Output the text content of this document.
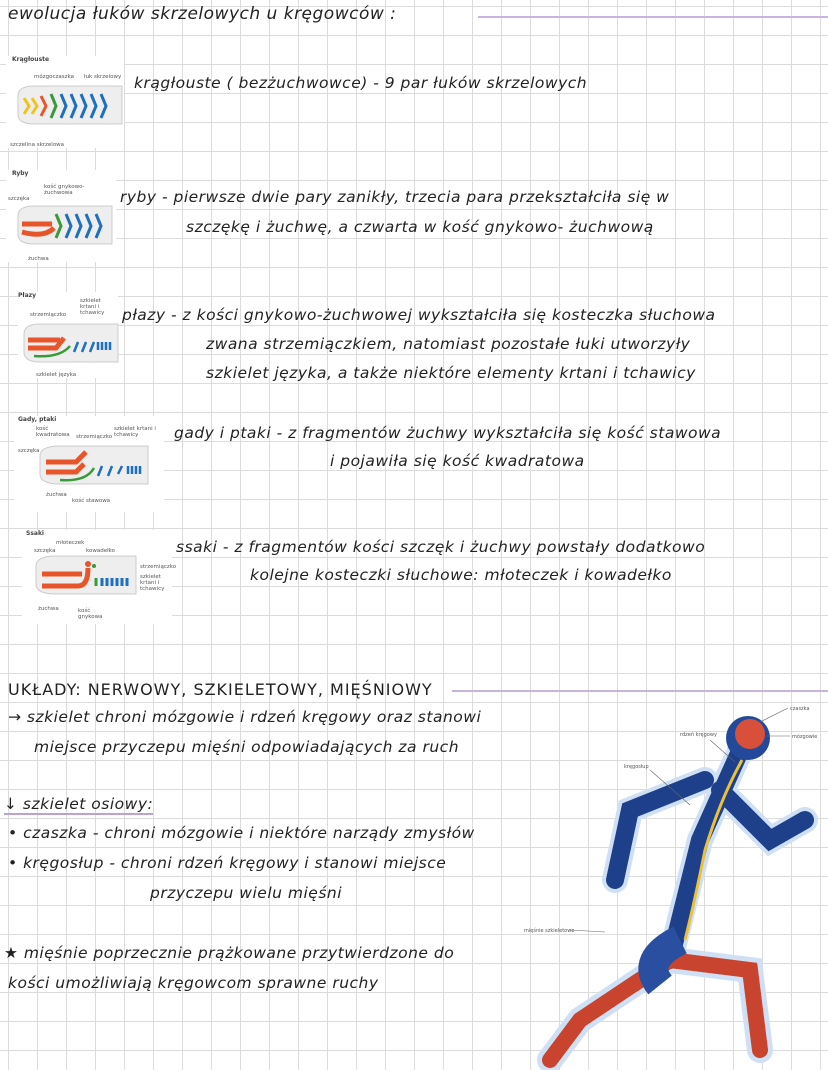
ewolucja łuków skrzelowych u kręgowców :
Krągłouste
mózgoczaszka łuk skrzelowy
szczelina skrzelowa
Ryby
kość gnykowo-żuchwowa
szczęka
żuchwa
Płazy
strzemiączko
szkielet krtani i tchawicy
szkielet języka
Gady, ptaki
kość kwadratowa strzemiączko
szkielet krtani i tchawicy
szczęka
żuchwa
kość stawowa
Ssaki
młoteczek
szczęka	kowadełko
strzemiączko
szkielet krtani i tchawicy
żuchwa	kość gnykowa
krągłouste ( bezżuchwowce) - 9 par łuków skrzelowych
ryby - pierwsze dwie pary zanikły, trzecia para przekształciła się w
szczękę i żuchwę, a czwarta w kość gnykowo- żuchwową
płazy - z kości gnykowo-żuchwowej wykształciła się kosteczka słuchowa
zwana strzemiączkiem, natomiast pozostałe łuki utworzyły
szkielet języka, a także niektóre elementy krtani i tchawicy
gady i ptaki - z fragmentów żuchwy wykształciła się kość stawowa
i pojawiła się kość kwadratowa
ssaki - z fragmentów kości szczęk i żuchwy powstały dodatkowo
kolejne kosteczki słuchowe: młoteczek i kowadełko
UKŁADY: NERWOWY, SZKIELETOWY, MIĘŚNIOWY
→ szkielet chroni mózgowie i rdzeń kręgowy oraz stanowi
miejsce przyczepu mięśni odpowiadających za ruch
↓ szkielet osiowy:
• czaszka - chroni mózgowie i niektóre narządy zmysłów
• kręgosłup - chroni rdzeń kręgowy i stanowi miejsce
przyczepu wielu mięśni
★ mięśnie poprzecznie prążkowane przytwierdzone do
kości umożliwiają kręgowcom sprawne ruchy
czaszka
mózgowie
rdzeń kręgowy
kręgosłup
mięśnie szkieletowe
